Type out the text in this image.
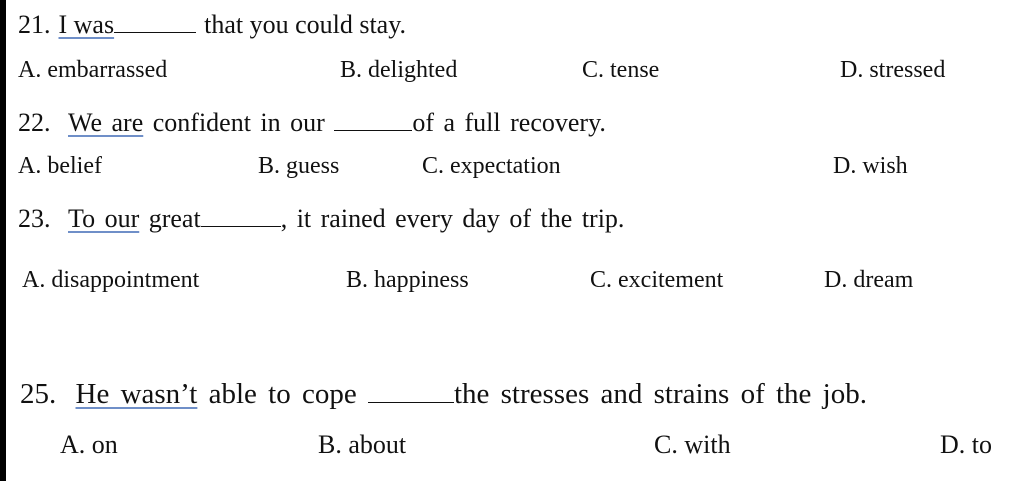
21. I was	that you could stay.
A. embarrassed	B. delighted	C. tense	D. stressed
22. We are confident in our	of a full recovery.
A. belief	B. guess	C. expectation	D. wish
23. To our great	, it rained every day of the trip.
A. disappointment	B. happiness	C. excitement	D. dream
25. He wasn’t able to cope	the stresses and strains of the job.
A. on	B. about	C. with	D. to
